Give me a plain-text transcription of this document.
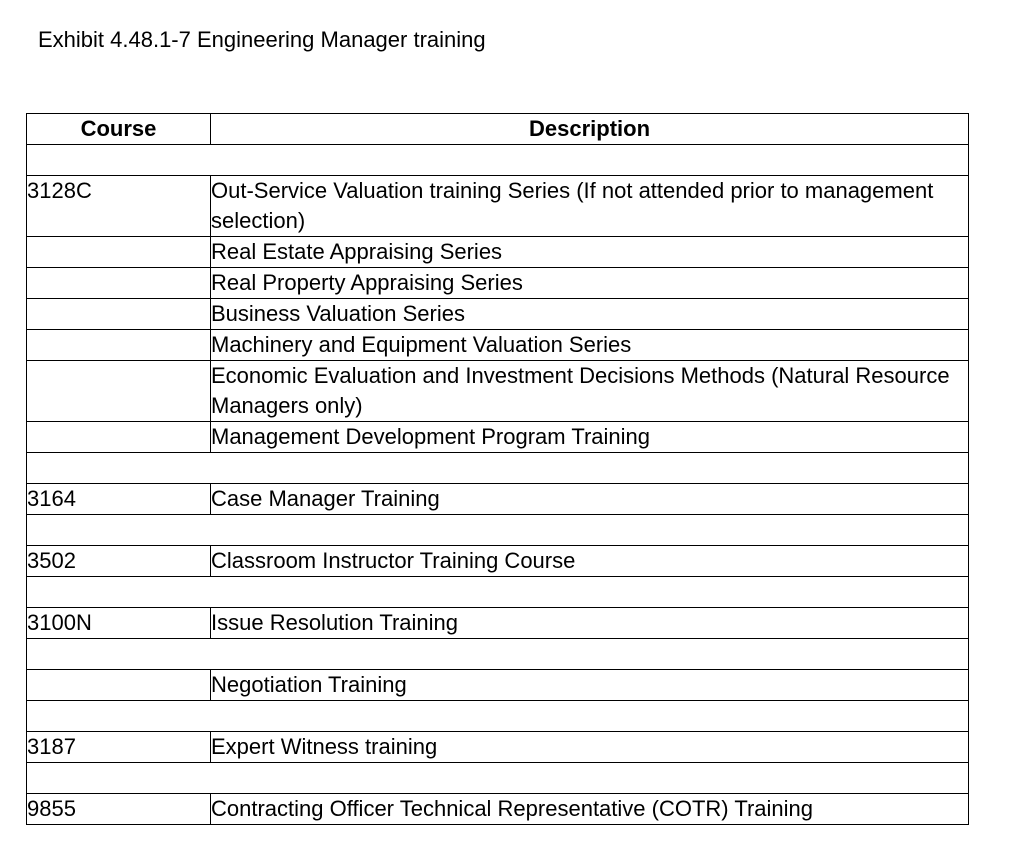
Exhibit 4.48.1-7 Engineering Manager training
Course	Description

3128C	Out-Service Valuation training Series (If not attended prior to management selection)
	Real Estate Appraising Series
	Real Property Appraising Series
	Business Valuation Series
	Machinery and Equipment Valuation Series
	Economic Evaluation and Investment Decisions Methods (Natural Resource Managers only)
	Management Development Program Training

3164	Case Manager Training

3502	Classroom Instructor Training Course

3100N	Issue Resolution Training

	Negotiation Training

3187	Expert Witness training

9855	Contracting Officer Technical Representative (COTR) Training
